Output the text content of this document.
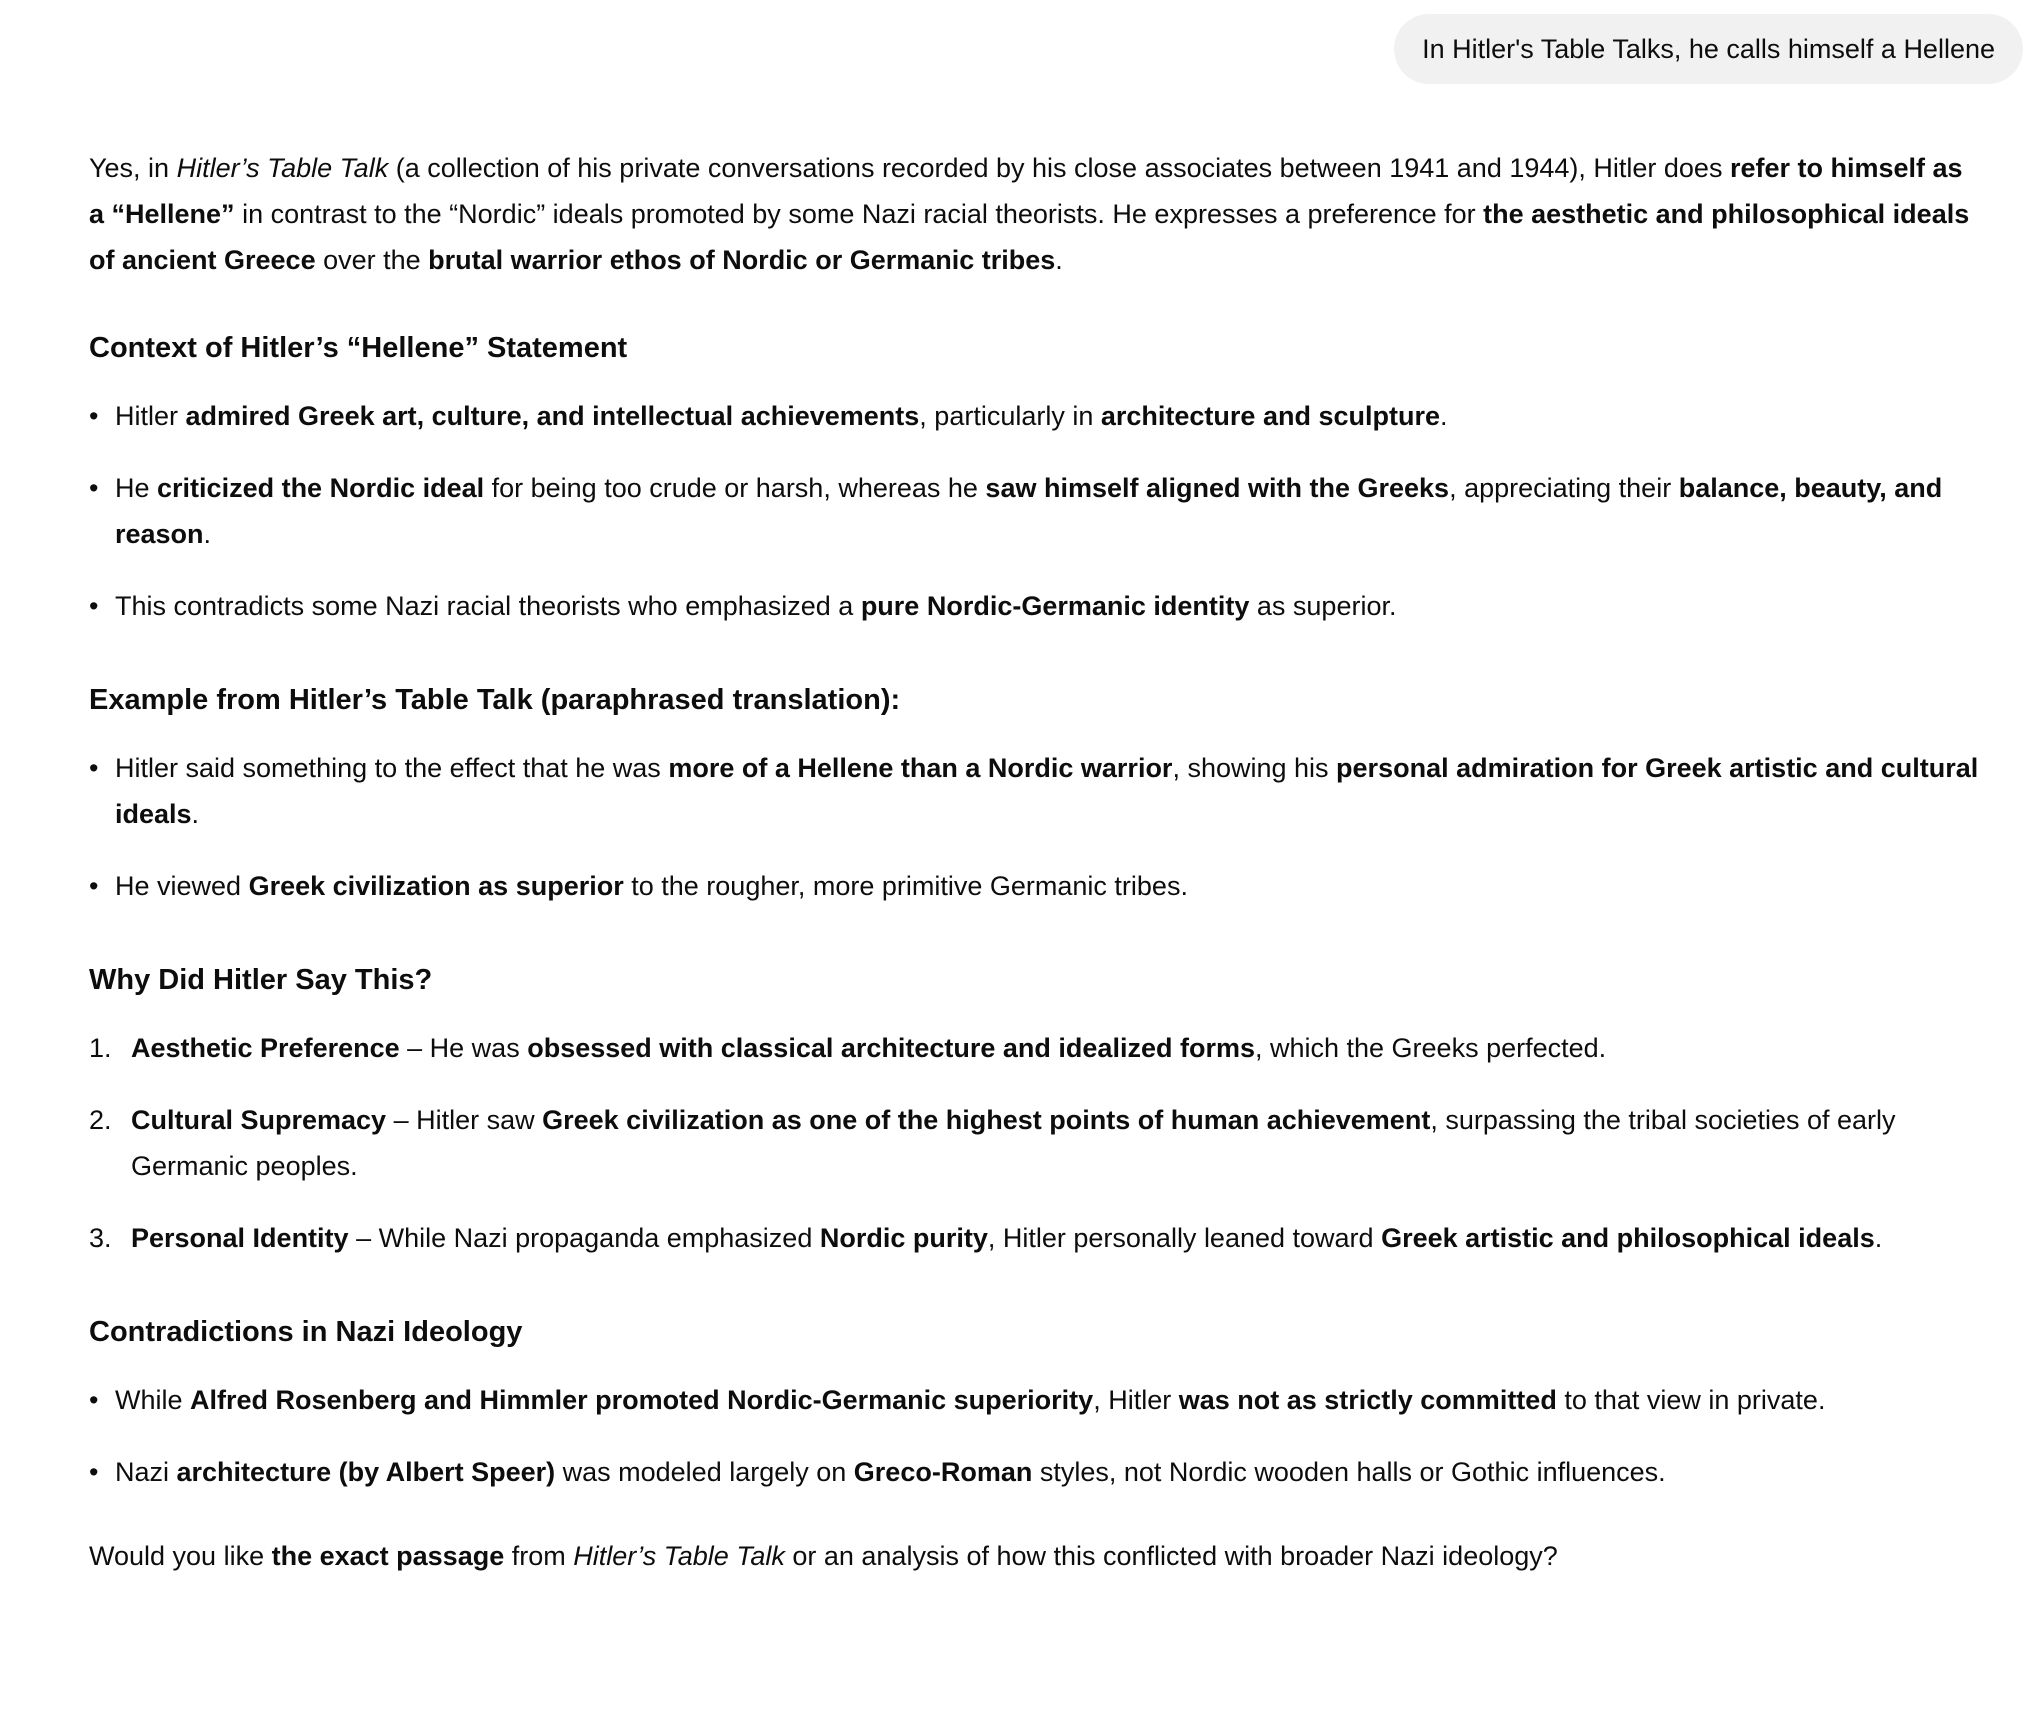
In Hitler's Table Talks, he calls himself a Hellene

Yes, in Hitler’s Table Talk (a collection of his private conversations recorded by his close associates between 1941 and 1944), Hitler does refer to himself as a “Hellene” in contrast to the “Nordic” ideals promoted by some Nazi racial theorists. He expresses a preference for the aesthetic and philosophical ideals of ancient Greece over the brutal warrior ethos of Nordic or Germanic tribes.

Context of Hitler’s “Hellene” Statement
• Hitler admired Greek art, culture, and intellectual achievements, particularly in architecture and sculpture.
• He criticized the Nordic ideal for being too crude or harsh, whereas he saw himself aligned with the Greeks, appreciating their balance, beauty, and reason.
• This contradicts some Nazi racial theorists who emphasized a pure Nordic-Germanic identity as superior.
Example from Hitler’s Table Talk (paraphrased translation):
• Hitler said something to the effect that he was more of a Hellene than a Nordic warrior, showing his personal admiration for Greek artistic and cultural ideals.
• He viewed Greek civilization as superior to the rougher, more primitive Germanic tribes.
Why Did Hitler Say This?
1. Aesthetic Preference – He was obsessed with classical architecture and idealized forms, which the Greeks perfected.
2. Cultural Supremacy – Hitler saw Greek civilization as one of the highest points of human achievement, surpassing the tribal societies of early Germanic peoples.
3. Personal Identity – While Nazi propaganda emphasized Nordic purity, Hitler personally leaned toward Greek artistic and philosophical ideals.
Contradictions in Nazi Ideology
• While Alfred Rosenberg and Himmler promoted Nordic-Germanic superiority, Hitler was not as strictly committed to that view in private.
• Nazi architecture (by Albert Speer) was modeled largely on Greco-Roman styles, not Nordic wooden halls or Gothic influences.

Would you like the exact passage from Hitler’s Table Talk or an analysis of how this conflicted with broader Nazi ideology?
